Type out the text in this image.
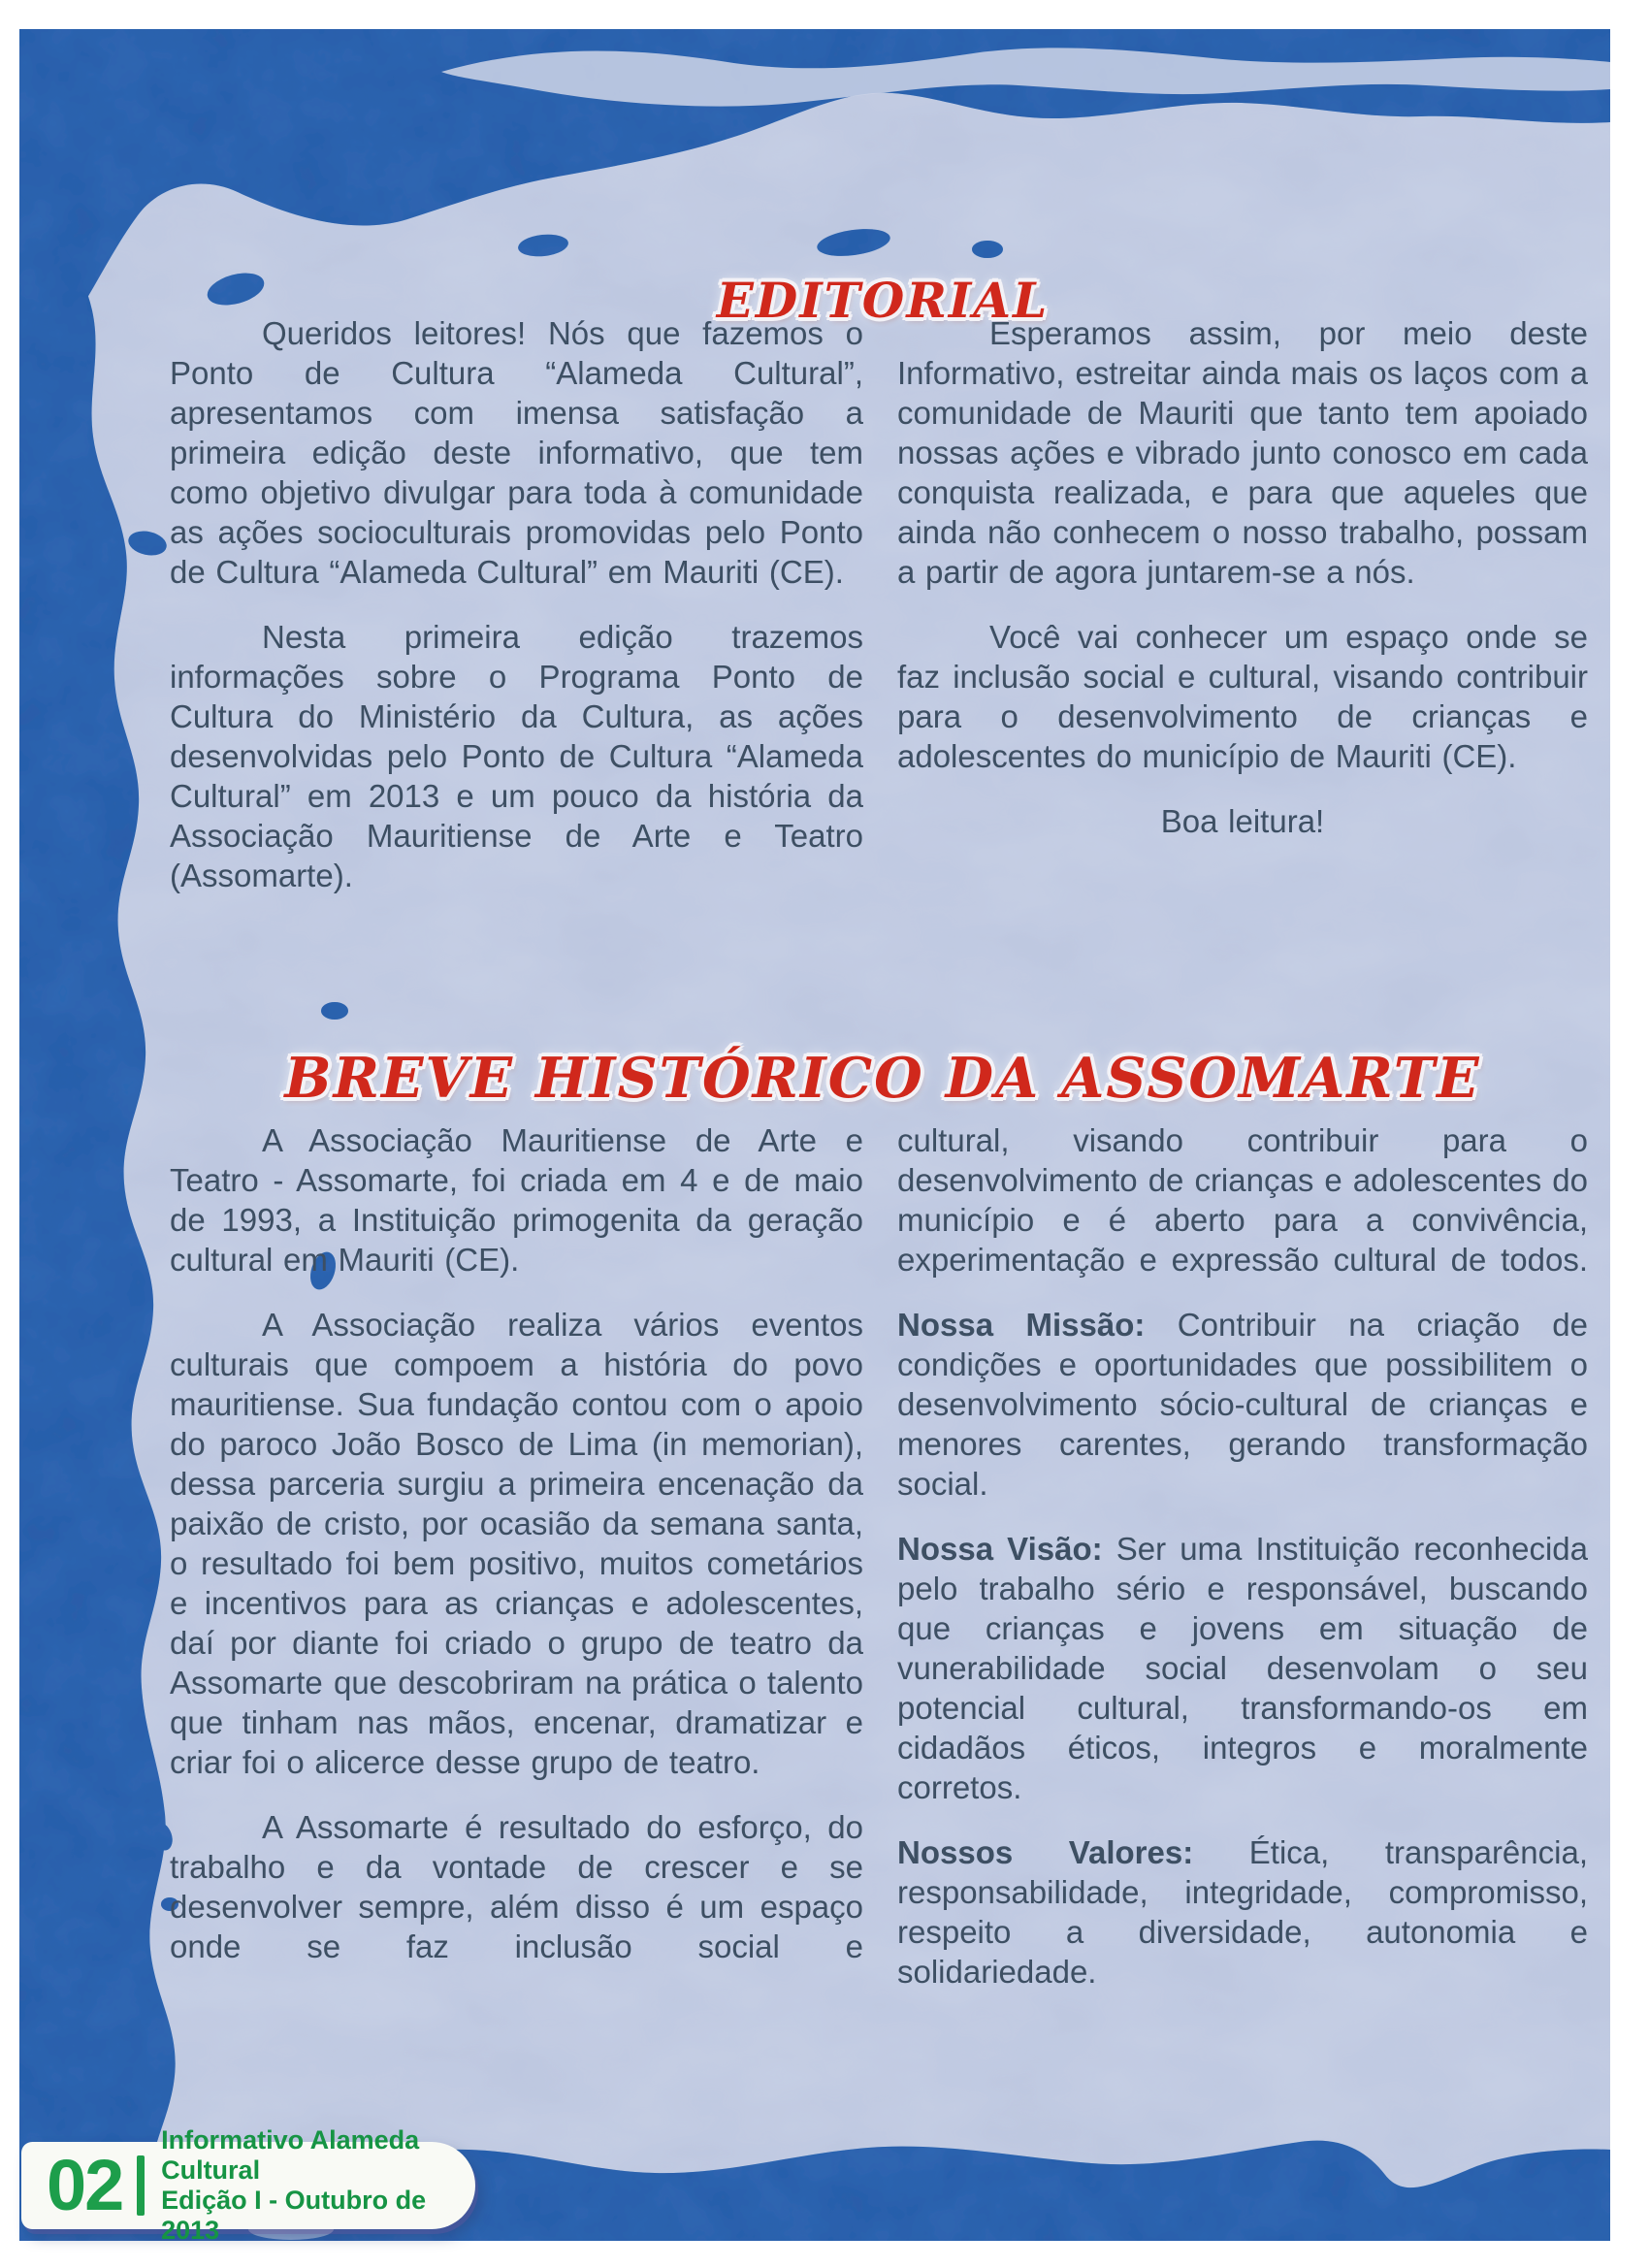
EDITORIAL

Queridos leitores! Nós que fazemos o Ponto de Cultura “Alameda Cultural”, apresentamos com imensa satisfação a primeira edição deste informativo, que tem como objetivo divulgar para toda à comunidade as ações socioculturais promovidas pelo Ponto de Cultura “Alameda Cultural” em Mauriti (CE).

Nesta primeira edição trazemos informações sobre o Programa Ponto de Cultura do Ministério da Cultura, as ações desenvolvidas pelo Ponto de Cultura “Alameda Cultural” em 2013 e um pouco da história da Associação Mauritiense de Arte e Teatro (Assomarte).

Esperamos assim, por meio deste Informativo, estreitar ainda mais os laços com a comunidade de Mauriti que tanto tem apoiado nossas ações e vibrado junto conosco em cada conquista realizada, e para que aqueles que ainda não conhecem o nosso trabalho, possam a partir de agora juntarem-se a nós.

Você vai conhecer um espaço onde se faz inclusão social e cultural, visando contribuir para o desenvolvimento de crianças e adolescentes do município de Mauriti (CE).

Boa leitura!

BREVE HISTÓRICO DA ASSOMARTE

A Associação Mauritiense de Arte e Teatro - Assomarte, foi criada em 4 e de maio de 1993, a Instituição primogenita da geração cultural em Mauriti (CE).

A Associação realiza vários eventos culturais que compoem a história do povo mauritiense. Sua fundação contou com o apoio do paroco João Bosco de Lima (in memorian), dessa parceria surgiu a primeira encenação da paixão de cristo, por ocasião da semana santa, o resultado foi bem positivo, muitos cometários e incentivos para as crianças e adolescentes, daí por diante foi criado o grupo de teatro da Assomarte que descobriram na prática o talento que tinham nas mãos, encenar, dramatizar e criar foi o alicerce desse grupo de teatro.

A Assomarte é resultado do esforço, do trabalho e da vontade de crescer e se desenvolver sempre, além disso é um espaço onde se faz inclusão social e

cultural, visando contribuir para o desenvolvimento de crianças e adolescentes do município e é aberto para a convivência, experimentação e expressão cultural de todos.

Nossa Missão: Contribuir na criação de condições e oportunidades que possibilitem o desenvolvimento sócio-cultural de crianças e menores carentes, gerando transformação social.

Nossa Visão: Ser uma Instituição reconhecida pelo trabalho sério e responsável, buscando que crianças e jovens em situação de vunerabilidade social desenvolam o seu potencial cultural, transformando-os em cidadãos éticos, integros e moralmente corretos.

Nossos Valores: Ética, transparência, responsabilidade, integridade, compromisso, respeito a diversidade, autonomia e solidariedade.

02
Informativo Alameda Cultural
Edição I - Outubro de 2013
